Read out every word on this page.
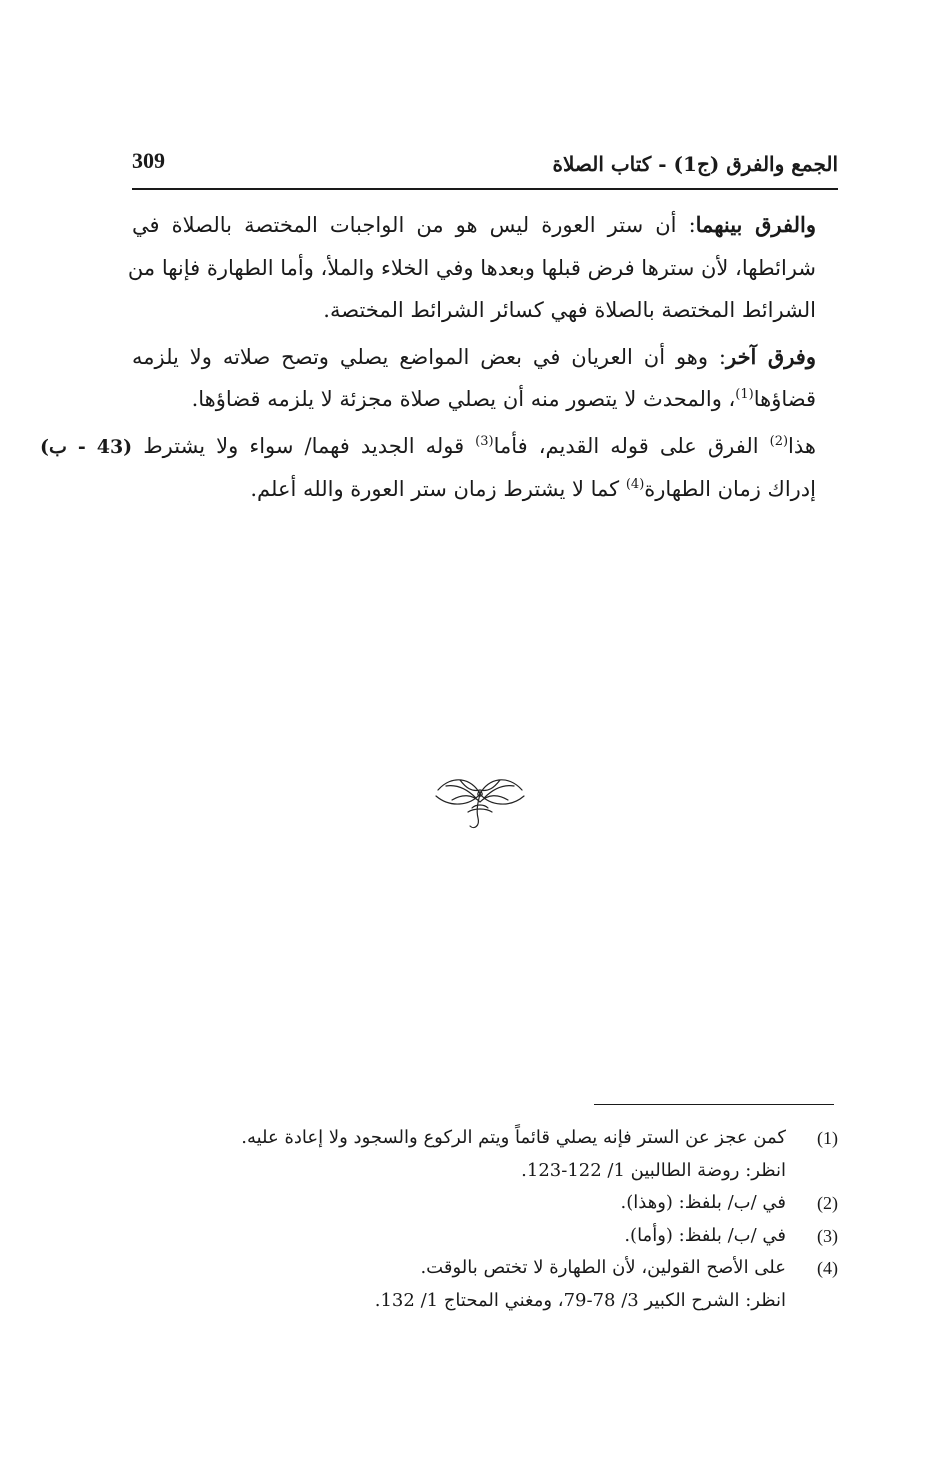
الجمع والفرق (ج1) - كتاب الصلاة
309
والفرق بينهما: أن ستر العورة ليس هو من الواجبات المختصة بالصلاة في
شرائطها، لأن سترها فرض قبلها وبعدها وفي الخلاء والملأ، وأما الطهارة فإنها من
الشرائط المختصة بالصلاة فهي كسائر الشرائط المختصة.
وفرق آخر: وهو أن العريان في بعض المواضع يصلي وتصح صلاته ولا يلزمه
قضاؤها$^{(1)}$، والمحدث لا يتصور منه أن يصلي صلاة مجزئة لا يلزمه قضاؤها.
هذا$^{(2)}$ الفرق على قوله القديم، فأما$^{(3)}$ قوله الجديد فهما/ سواء ولا يشترط (43 - ب)
إدراك زمان الطهارة$^{(4)}$ كما لا يشترط زمان ستر العورة والله أعلم.
(1)
كمن عجز عن الستر فإنه يصلي قائماً ويتم الركوع والسجود ولا إعادة عليه.
انظر: روضة الطالبين 1/ 122-123.
(2)
في /ب/ بلفظ: (وهذا).
(3)
في /ب/ بلفظ: (وأما).
(4)
على الأصح القولين، لأن الطهارة لا تختص بالوقت.
انظر: الشرح الكبير 3/ 78-79، ومغني المحتاج 1/ 132.
